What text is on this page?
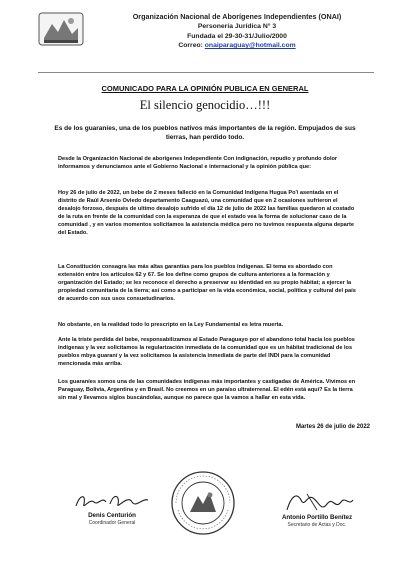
Organización Nacional de Aborígenes Independientes (ONAI)
Personería Jurídica N° 3
Fundada el 29-30-31/Julio/2000
Correo: onaiparaguay@hotmail.com
COMUNICADO PARA LA OPINIÓN PUBLICA EN GENERAL
El silencio genocidio…!!!
Es de los guaraníes, una de los pueblos nativos más importantes de la región. Empujados de sus tierras, han perdido todo.
Desde la Organización Nacional de aborígenes Independiente Con indignación, repudio y profundo dolor informamos y denunciamos ante el Gobierno Nacional e internacional y la opinión pública que:
Hoy 26 de julio de 2022, un bebe de 2 meses falleció en la Comunidad Indígena Hugua Po'i asentada en el distrito de Raúl Arsenio Oviedo departamento Caaguazú, una comunidad que en 2 ocasiones sufrieron el desalojo forzoso, después de ultimo desalojo sufrido el día 12 de julio de 2022 las familias quedaron al costado de la ruta en frente de la comunidad con la esperanza de que el estado vea la forma de solucionar caso de la comunidad , y en varios momentos solicitamos la asistencia médica pero no tuvimos respuesta alguna departe del Estado.
La Constitución consagra las más altas garantías para los pueblos indígenas. El tema es abordado con extensión entre los artículos 62 y 67. Se los define como grupos de cultura anteriores a la formación y organización del Estado; se les reconoce el derecho a preservar su identidad en su propio hábitat; a ejercer la propiedad comunitaria de la tierra; así como a participar en la vida económica, social, política y cultural del país de acuerdo con sus usos consuetudinarios.
No obstante, en la realidad todo lo prescripto en la Ley Fundamental es letra muerta.
Ante la triste perdida del bebe, responsabilizamos al Estado Paraguayo por el abandono total hacia los pueblos indígenas y la vez solicitamos la regularización inmediata de la comunidad que es un hábitat tradicional de los pueblos mbya guaraní y la vez solicitamos la asistencia inmediata de parte del INDI para la comunidad mencionada más arriba.
Los guaraníes somos una de las comunidades indígenas más importantes y castigadas de América. Vivimos en Paraguay, Bolivia, Argentina y en Brasil. No creemos en un paraíso ultraterrenal. El edén está aquí? Es la tierra sin mal y llevamos siglos buscándolas, aunque no parece que la vamos a hallar en esta vida.
Martes 26 de julio de 2022
Denis Centurión
Coordinador General
Antonio Portillo Benítez
Secretario de Actas y Doc.
